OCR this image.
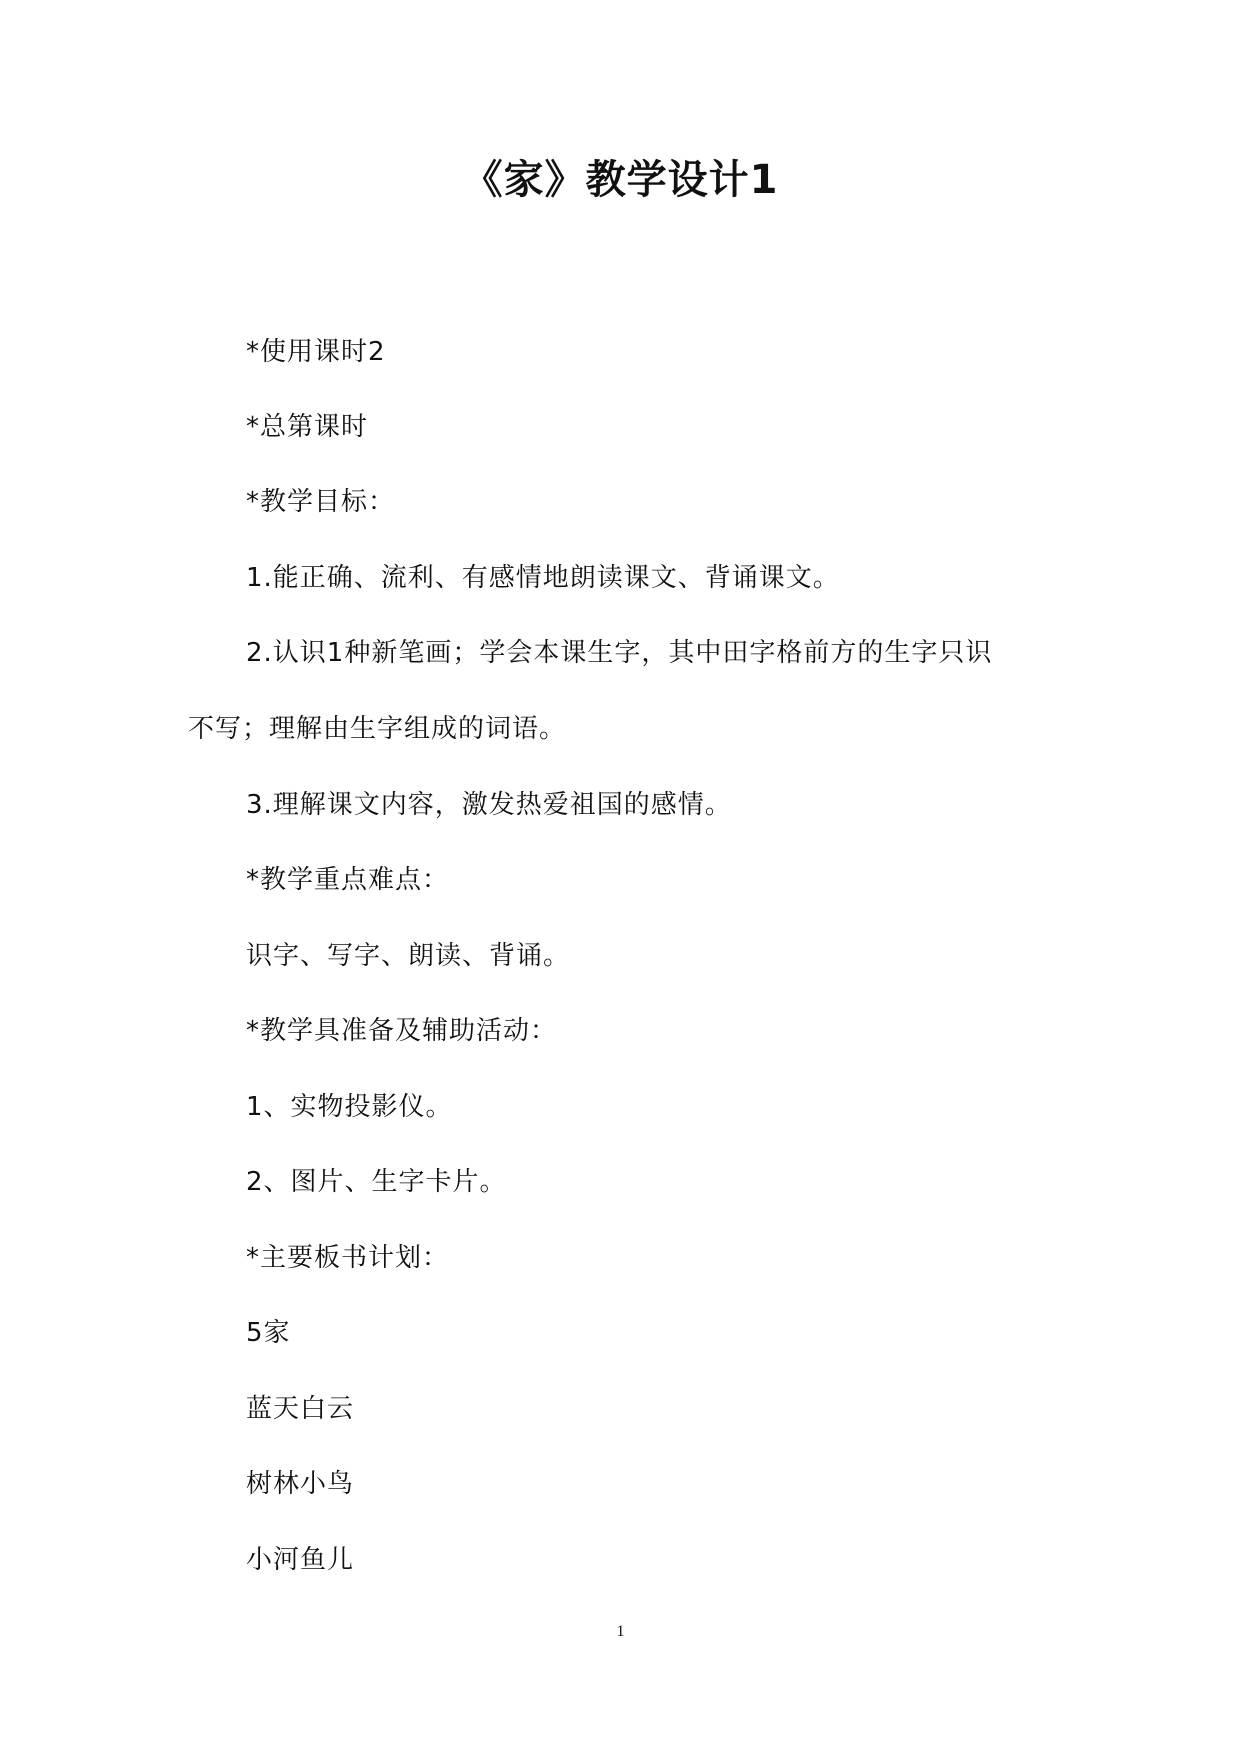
《家》教学设计1
*使用课时2
*总第课时
*教学目标：
1.能正确、流利、有感情地朗读课文、背诵课文。
2.认识1种新笔画；学会本课生字，其中田字格前方的生字只识
不写；理解由生字组成的词语。
3.理解课文内容，激发热爱祖国的感情。
*教学重点难点：
识字、写字、朗读、背诵。
*教学具准备及辅助活动：
1、实物投影仪。
2、图片、生字卡片。
*主要板书计划：
5家
蓝天白云
树林小鸟
小河鱼儿
1
